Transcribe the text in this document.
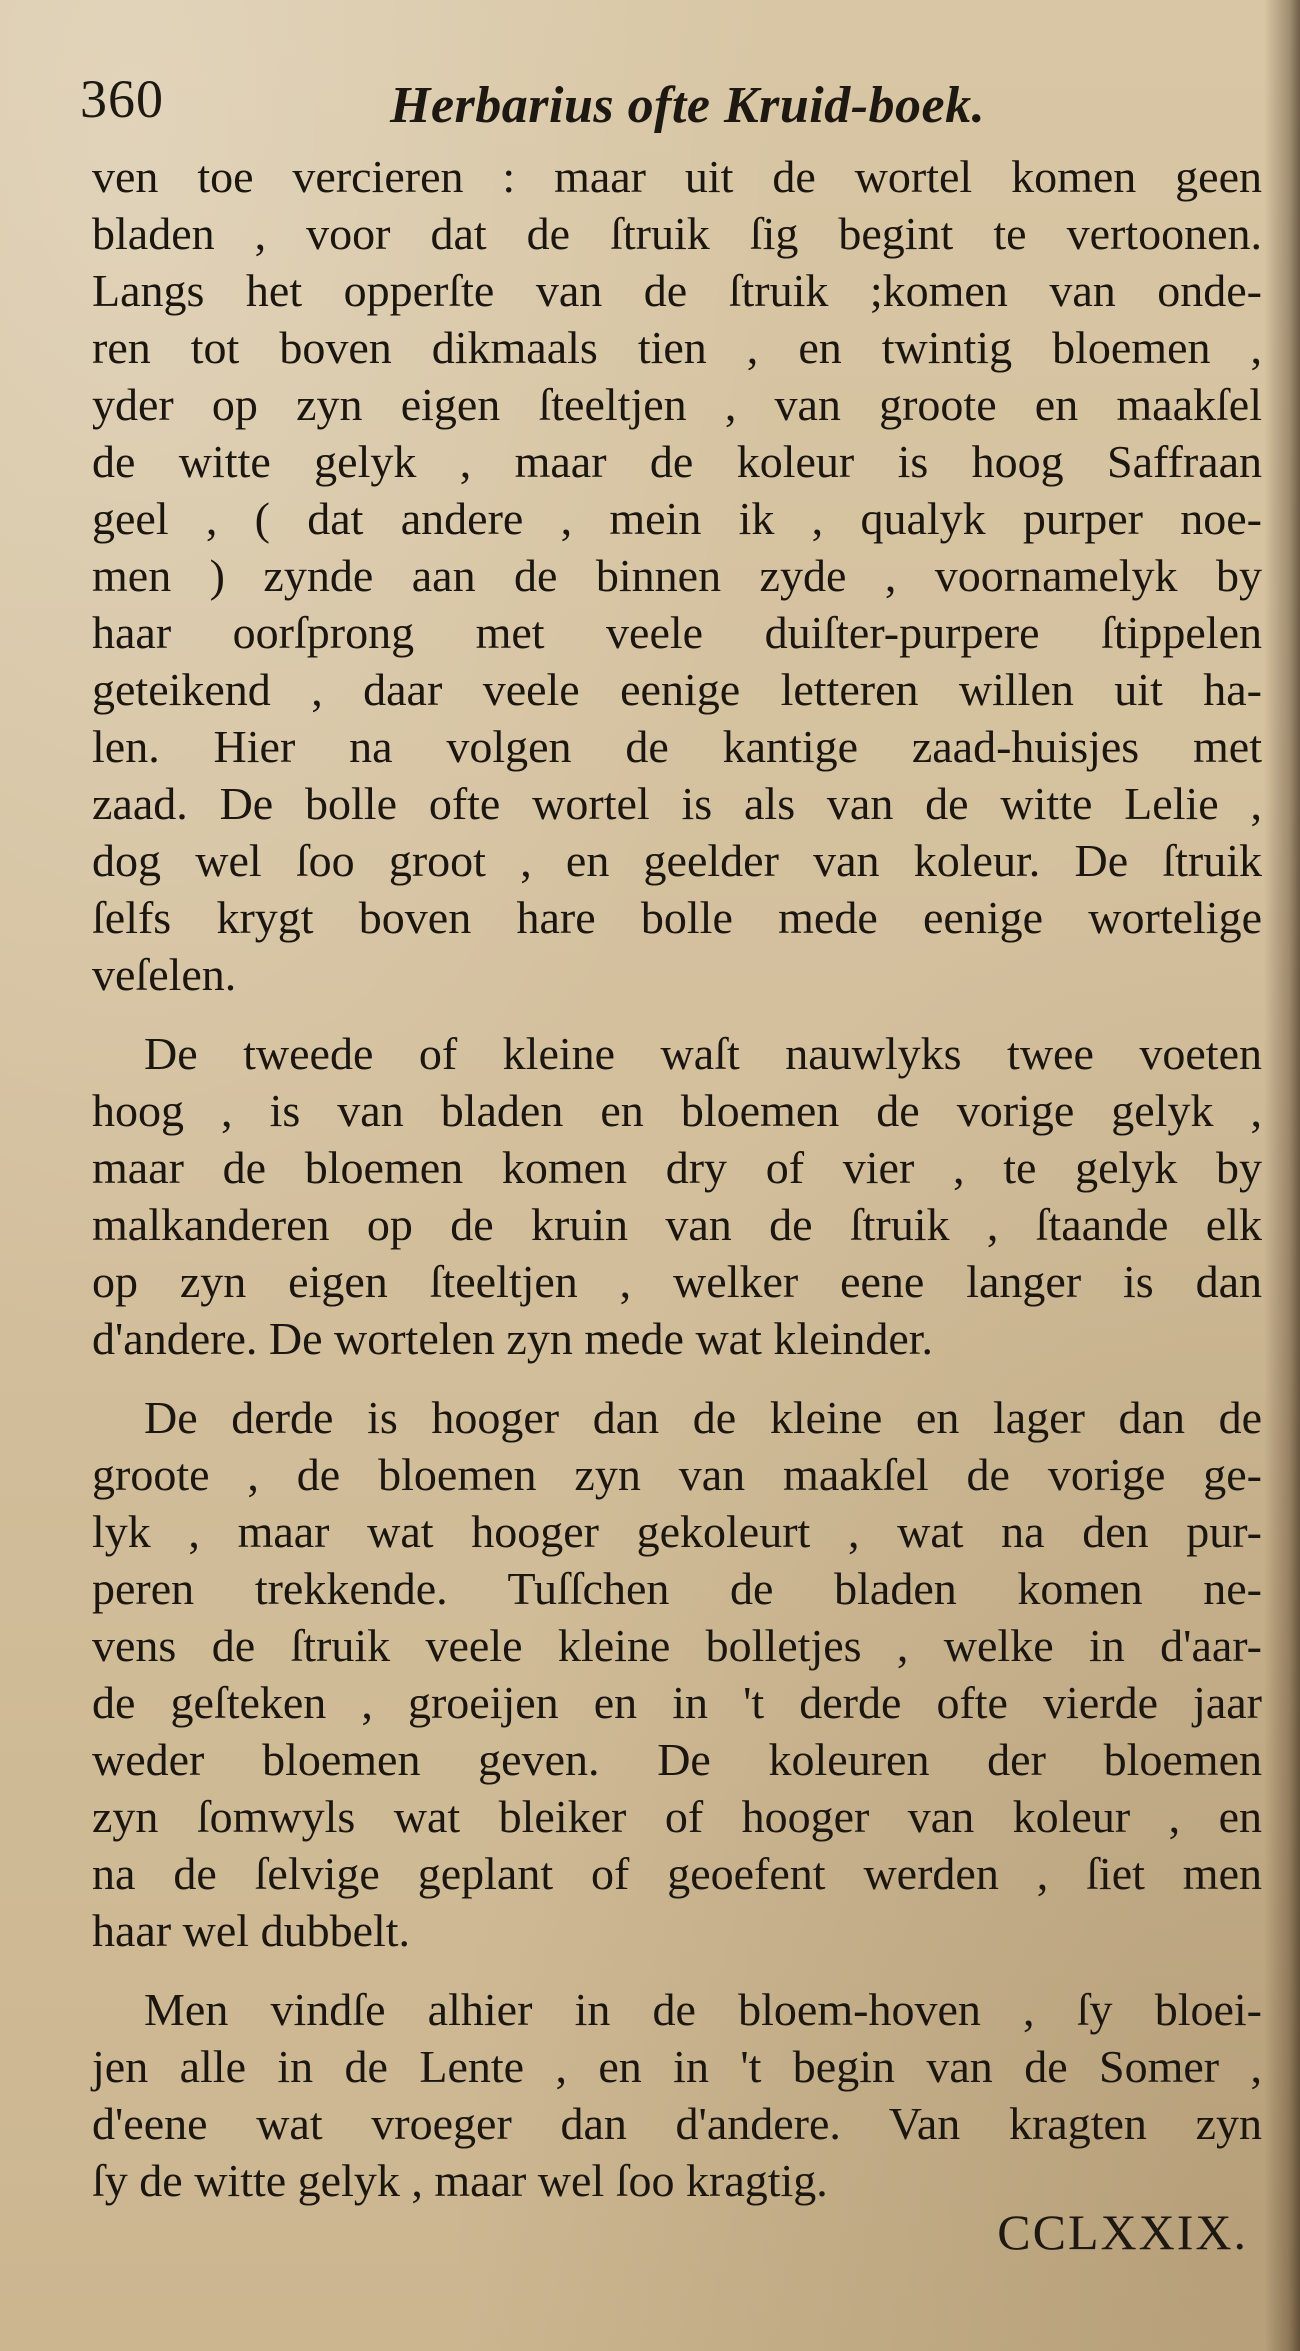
360	Herbarius ofte Kruid-boek.
ven toe vercieren : maar uit de wortel komen geen
bladen , voor dat de ſtruik ſig begint te vertoonen.
Langs het opperſte van de ſtruik ;komen van onde-
ren tot boven dikmaals tien , en twintig bloemen ,
yder op zyn eigen ſteeltjen , van groote en maakſel
de witte gelyk , maar de koleur is hoog Saffraan
geel , ( dat andere , mein ik , qualyk purper noe-
men ) zynde aan de binnen zyde , voornamelyk by
haar oorſprong met veele duiſter-purpere ſtippelen
geteikend , daar veele eenige letteren willen uit ha-
len. Hier na volgen de kantige zaad-huisjes met
zaad. De bolle ofte wortel is als van de witte Lelie ,
dog wel ſoo groot , en geelder van koleur. De ſtruik
ſelfs krygt boven hare bolle mede eenige wortelige
veſelen.
De tweede of kleine waſt nauwlyks twee voeten
hoog , is van bladen en bloemen de vorige gelyk ,
maar de bloemen komen dry of vier , te gelyk by
malkanderen op de kruin van de ſtruik , ſtaande elk
op zyn eigen ſteeltjen , welker eene langer is dan
d'andere. De wortelen zyn mede wat kleinder.
De derde is hooger dan de kleine en lager dan de
groote , de bloemen zyn van maakſel de vorige ge-
lyk , maar wat hooger gekoleurt , wat na den pur-
peren trekkende. Tuſſchen de bladen komen ne-
vens de ſtruik veele kleine bolletjes , welke in d'aar-
de geſteken , groeijen en in 't derde ofte vierde jaar
weder bloemen geven. De koleuren der bloemen
zyn ſomwyls wat bleiker of hooger van koleur , en
na de ſelvige geplant of geoefent werden , ſiet men
haar wel dubbelt.
Men vindſe alhier in de bloem-hoven , ſy bloei-
jen alle in de Lente , en in 't begin van de Somer ,
d'eene wat vroeger dan d'andere. Van kragten zyn
ſy de witte gelyk , maar wel ſoo kragtig.
CCLXXIX.
